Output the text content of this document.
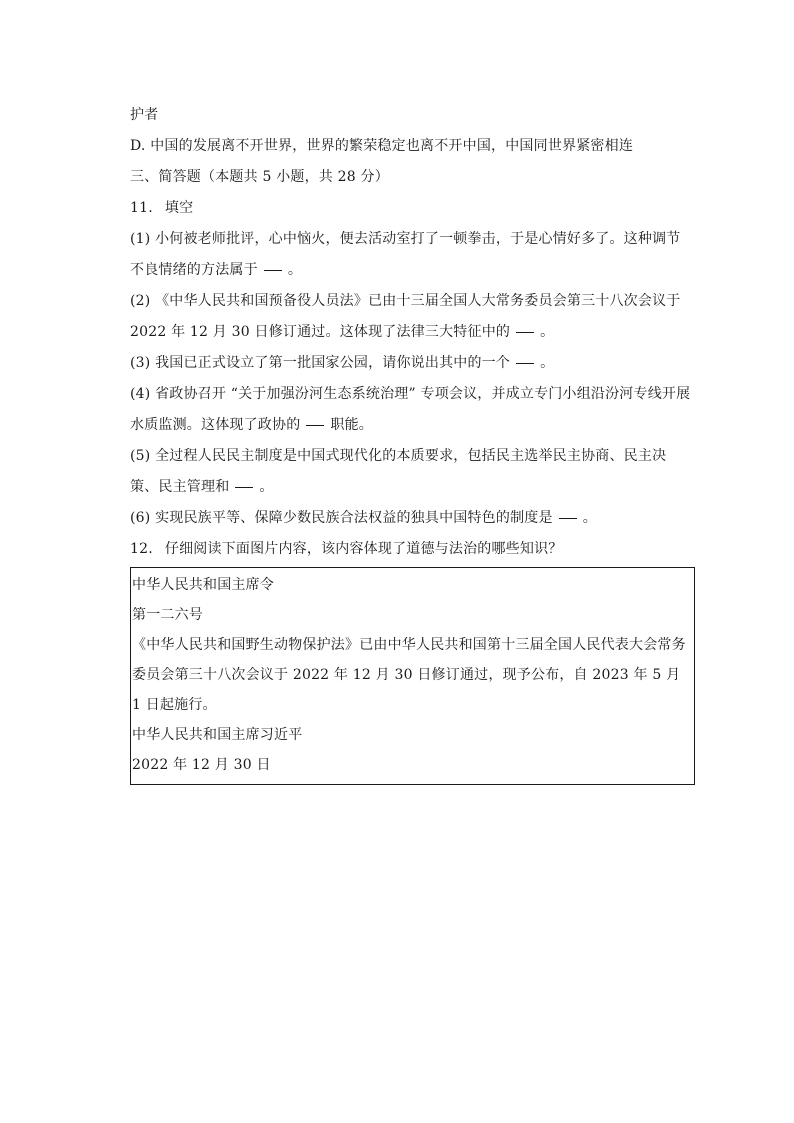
护者
D. 中国的发展离不开世界，世界的繁荣稳定也离不开中国，中国同世界紧密相连
三、简答题（本题共 5 小题，共 28 分）
11. 填空
(1) 小何被老师批评，心中恼火，便去活动室打了一顿拳击，于是心情好多了。这种调节不良情绪的方法属于 。
(2) 《中华人民共和国预备役人员法》已由十三届全国人大常务委员会第三十八次会议于2022 年 12 月 30 日修订通过。这体现了法律三大特征中的 。
(3) 我国已正式设立了第一批国家公园，请你说出其中的一个 。
(4) 省政协召开 “关于加强汾河生态系统治理” 专项会议，并成立专门小组沿汾河专线开展水质监测。这体现了政协的 职能。
(5) 全过程人民民主制度是中国式现代化的本质要求，包括民主选举民主协商、民主决策、民主管理和 。
(6) 实现民族平等、保障少数民族合法权益的独具中国特色的制度是 。
12. 仔细阅读下面图片内容，该内容体现了道德与法治的哪些知识？
中华人民共和国主席令
第一二六号
《中华人民共和国野生动物保护法》已由中华人民共和国第十三届全国人民代表大会常务委员会第三十八次会议于 2022 年 12 月 30 日修订通过，现予公布，自 2023 年 5 月 1 日起施行。
中华人民共和国主席习近平
2022 年 12 月 30 日
